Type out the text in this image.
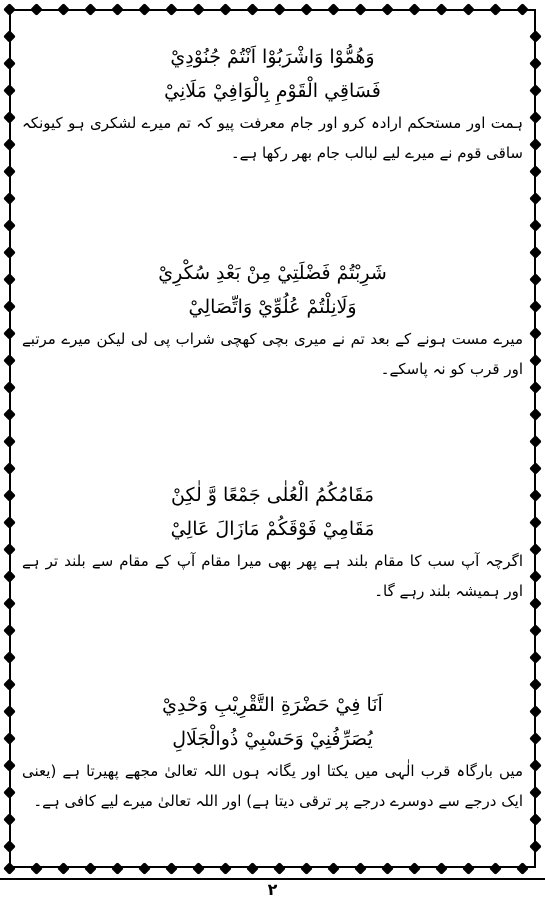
وَهُمُّوْا وَاشْرَبُوْا اَنْتُمْ جُنُوْدِيْ
فَسَاقِي الْقَوْمِ بِالْوَافِيْ مَلَانِيْ
ہمت اور مستحکم ارادہ کرو اور جام معرفت پیو کہ تم میرے لشکری ہو کیونکہ ساقی قوم نے میرے لیے لبالب جام بھر رکھا ہے۔
شَرِبْتُمْ فَضْلَتِيْ مِنْ بَعْدِ سُكْرِيْ
وَلَانِلْتُمْ عُلُوِّيْ وَاتِّصَالِيْ
میرے مست ہونے کے بعد تم نے میری بچی کھچی شراب پی لی لیکن میرے مرتبے اور قرب کو نہ پاسکے۔
مَقَامُكُمُ الْعُلٰى جَمْعًا وَّ لٰكِنْ
مَقَامِيْ فَوْقَكُمْ مَازَالَ عَالِيْ
اگرچہ آپ سب کا مقام بلند ہے پھر بھی میرا مقام آپ کے مقام سے بلند تر ہے اور ہمیشہ بلند رہے گا۔
اَنَا فِيْ حَضْرَةِ التَّقْرِيْبِ وَحْدِيْ
يُصَرِّفُنِيْ وَحَسْبِيْ ذُوالْجَلَالِ
میں بارگاہ قرب الٰہی میں یکتا اور یگانہ ہوں اللہ تعالیٰ مجھے پھیرتا ہے (یعنی ایک درجے سے دوسرے درجے پر ترقی دیتا ہے) اور اللہ تعالیٰ میرے لیے کافی ہے۔
۲
